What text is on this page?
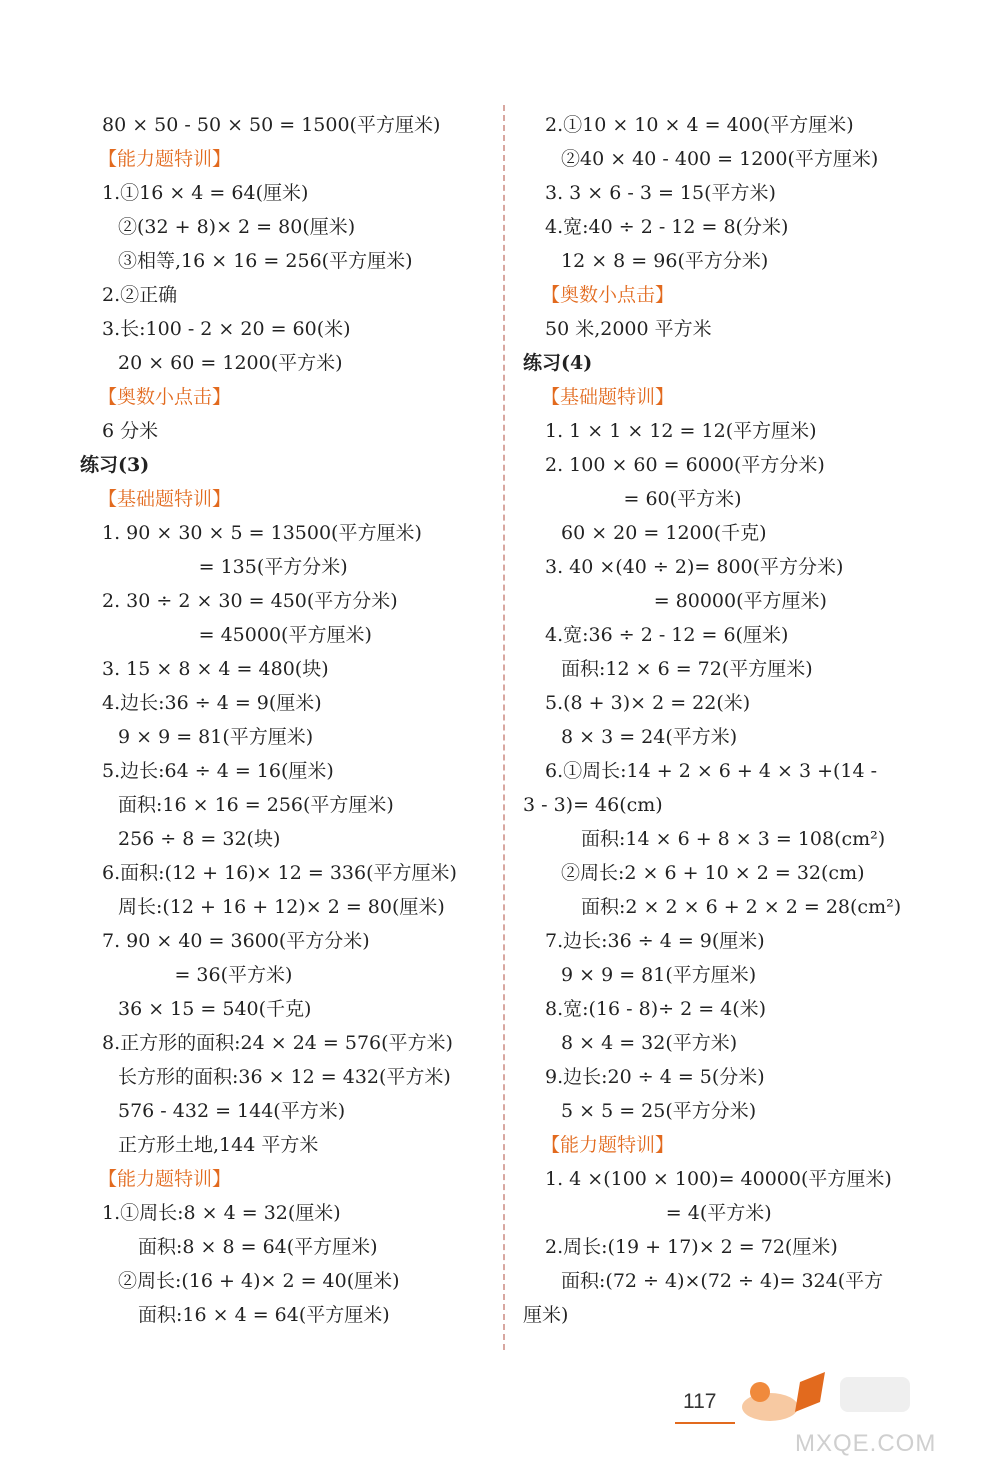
80 × 50 - 50 × 50 = 1500(平方厘米)
【能力题特训】
1.①16 × 4 = 64(厘米)
②(32 + 8)× 2 = 80(厘米)
③相等,16 × 16 = 256(平方厘米)
2.②正确
3.长:100 - 2 × 20 = 60(米)
20 × 60 = 1200(平方米)
【奥数小点击】
6 分米
练习(3)
【基础题特训】
1. 90 × 30 × 5 = 13500(平方厘米)
= 135(平方分米)
2. 30 ÷ 2 × 30 = 450(平方分米)
= 45000(平方厘米)
3. 15 × 8 × 4 = 480(块)
4.边长:36 ÷ 4 = 9(厘米)
9 × 9 = 81(平方厘米)
5.边长:64 ÷ 4 = 16(厘米)
面积:16 × 16 = 256(平方厘米)
256 ÷ 8 = 32(块)
6.面积:(12 + 16)× 12 = 336(平方厘米)
周长:(12 + 16 + 12)× 2 = 80(厘米)
7. 90 × 40 = 3600(平方分米)
= 36(平方米)
36 × 15 = 540(千克)
8.正方形的面积:24 × 24 = 576(平方米)
长方形的面积:36 × 12 = 432(平方米)
576 - 432 = 144(平方米)
正方形土地,144 平方米
【能力题特训】
1.①周长:8 × 4 = 32(厘米)
面积:8 × 8 = 64(平方厘米)
②周长:(16 + 4)× 2 = 40(厘米)
面积:16 × 4 = 64(平方厘米)
2.①10 × 10 × 4 = 400(平方厘米)
②40 × 40 - 400 = 1200(平方厘米)
3. 3 × 6 - 3 = 15(平方米)
4.宽:40 ÷ 2 - 12 = 8(分米)
12 × 8 = 96(平方分米)
【奥数小点击】
50 米,2000 平方米
练习(4)
【基础题特训】
1. 1 × 1 × 12 = 12(平方厘米)
2. 100 × 60 = 6000(平方分米)
= 60(平方米)
60 × 20 = 1200(千克)
3. 40 ×(40 ÷ 2)= 800(平方分米)
= 80000(平方厘米)
4.宽:36 ÷ 2 - 12 = 6(厘米)
面积:12 × 6 = 72(平方厘米)
5.(8 + 3)× 2 = 22(米)
8 × 3 = 24(平方米)
6.①周长:14 + 2 × 6 + 4 × 3 +(14 -
3 - 3)= 46(cm)
面积:14 × 6 + 8 × 3 = 108(cm²)
②周长:2 × 6 + 10 × 2 = 32(cm)
面积:2 × 2 × 6 + 2 × 2 = 28(cm²)
7.边长:36 ÷ 4 = 9(厘米)
9 × 9 = 81(平方厘米)
8.宽:(16 - 8)÷ 2 = 4(米)
8 × 4 = 32(平方米)
9.边长:20 ÷ 4 = 5(分米)
5 × 5 = 25(平方分米)
【能力题特训】
1. 4 ×(100 × 100)= 40000(平方厘米)
= 4(平方米)
2.周长:(19 + 17)× 2 = 72(厘米)
面积:(72 ÷ 4)×(72 ÷ 4)= 324(平方
厘米)
117
MXQE.COM
